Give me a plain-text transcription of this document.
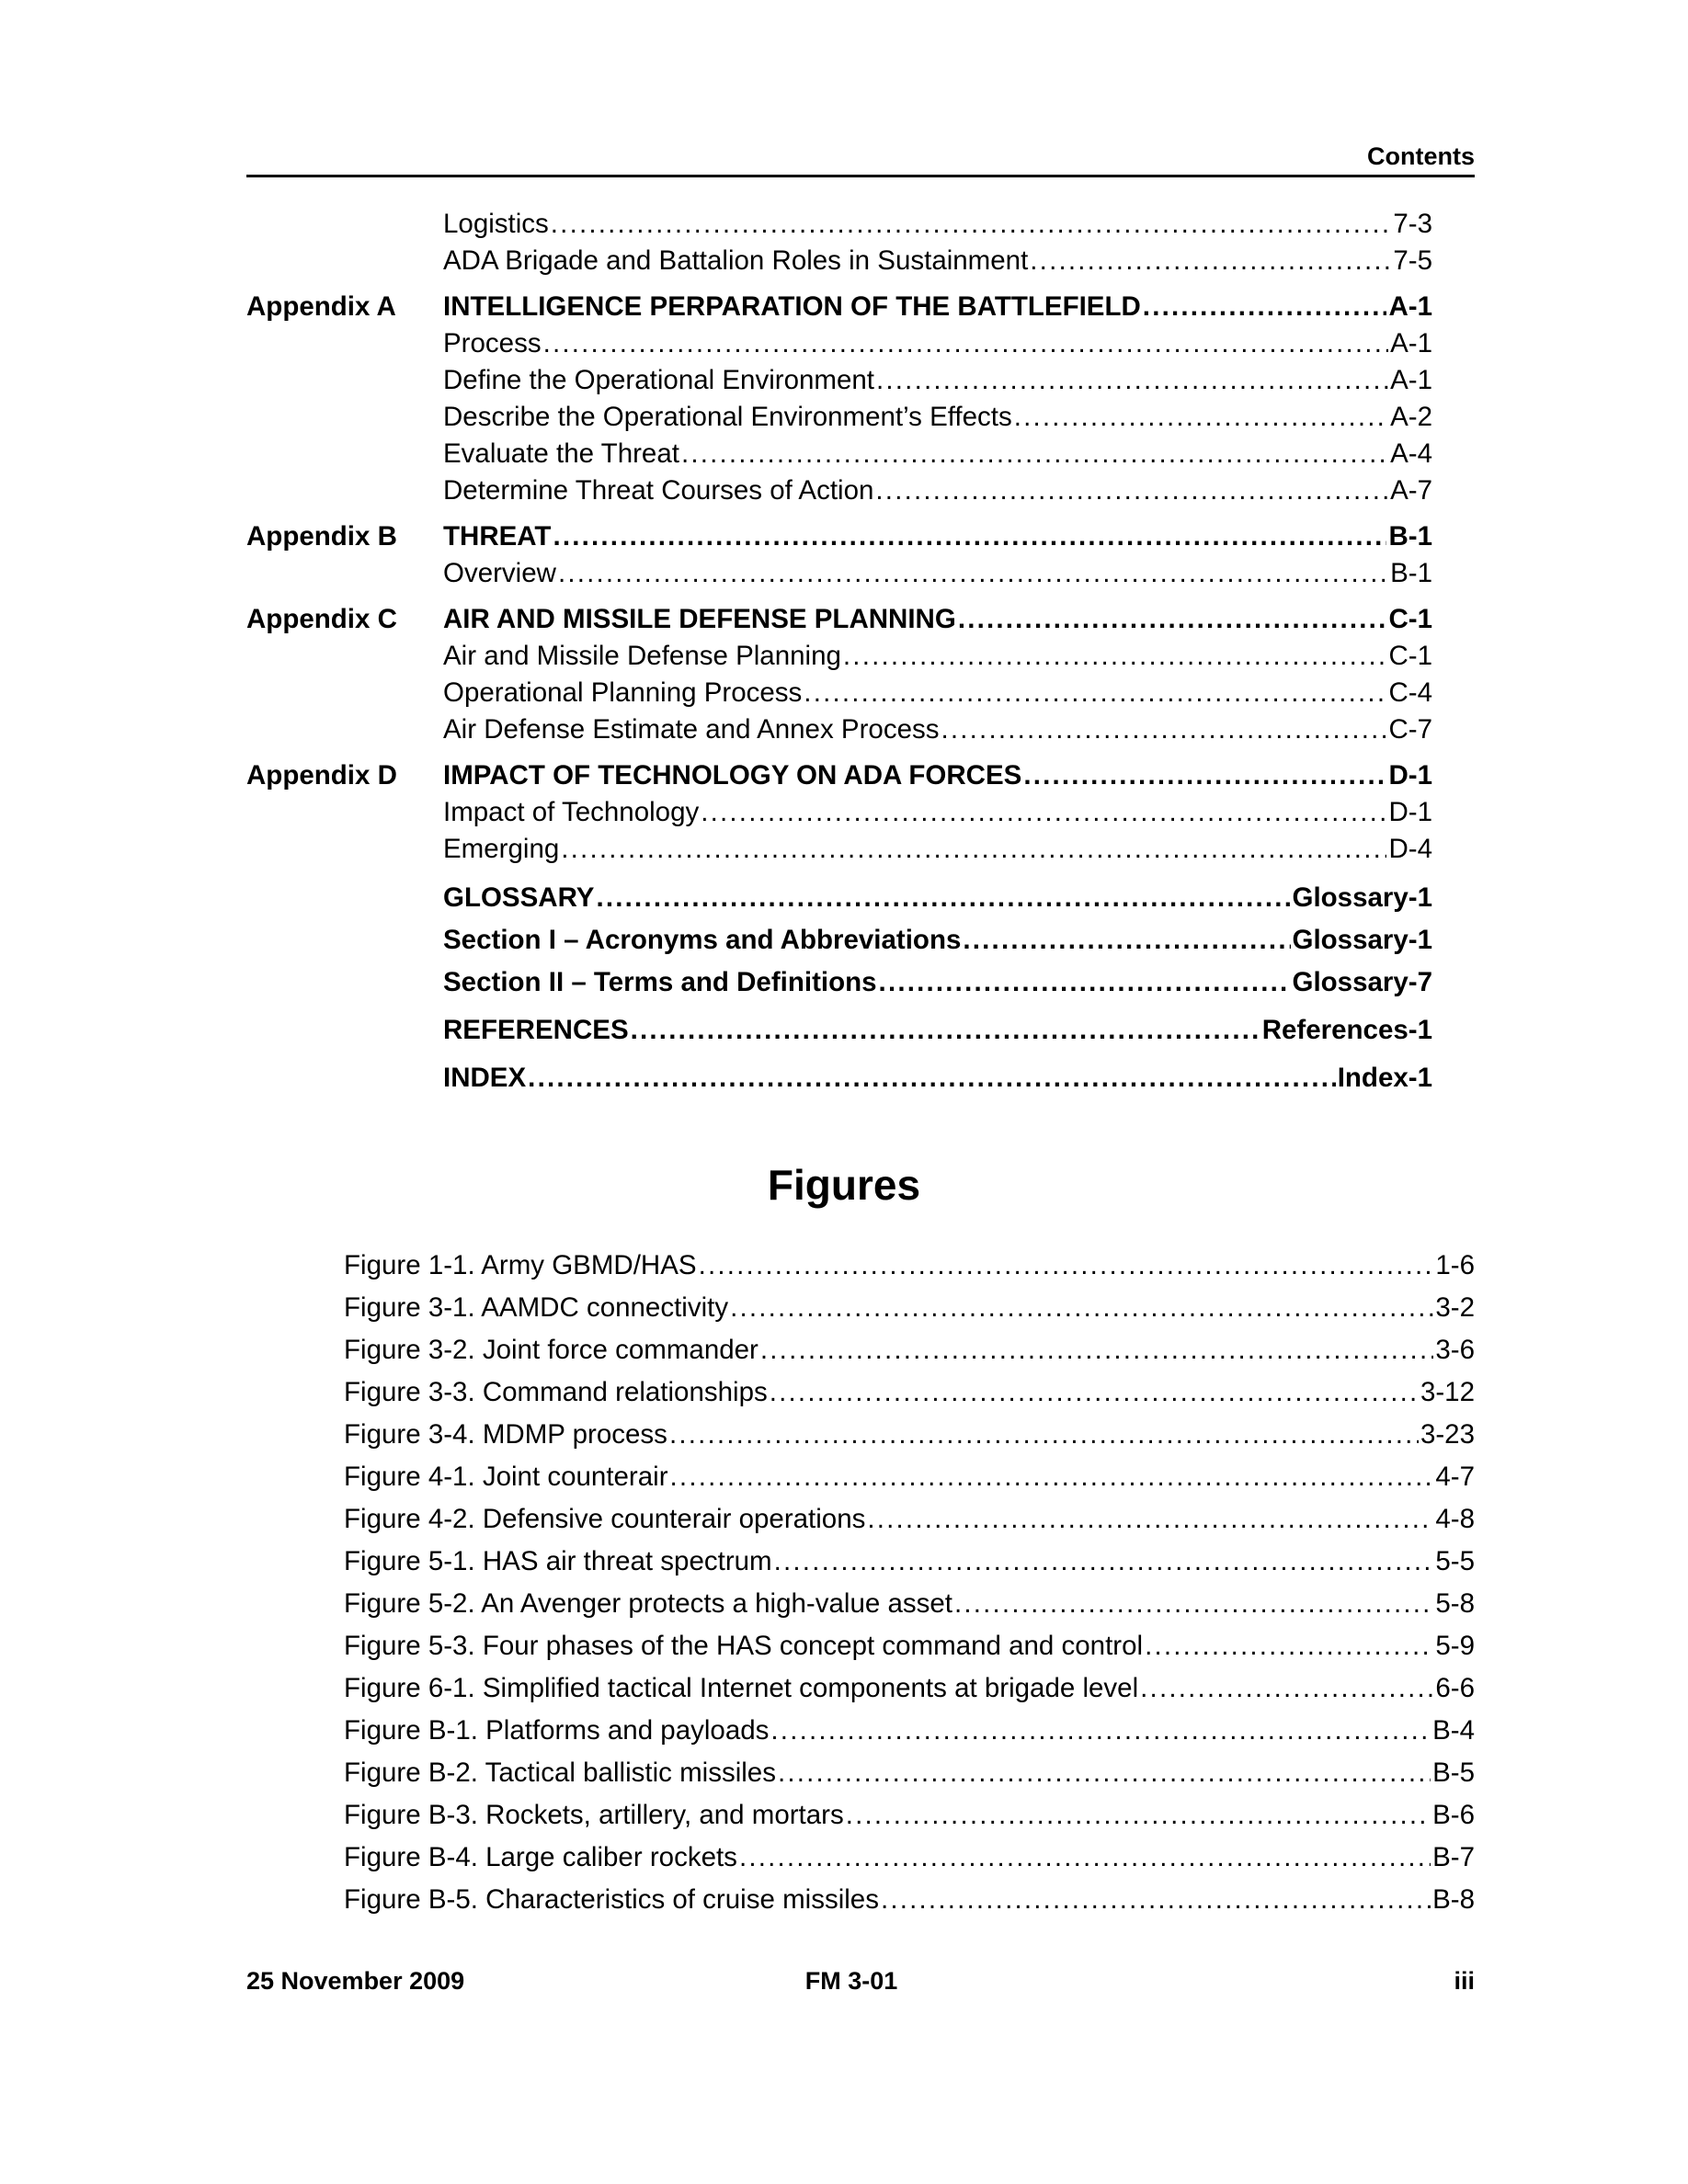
Contents
Logistics . . .	7-3
ADA Brigade and Battalion Roles in Sustainment . . .	7-5
Appendix A	INTELLIGENCE PERPARATION OF THE BATTLEFIELD . . .	A-1
Process . . .	A-1
Define the Operational Environment . . .	A-1
Describe the Operational Environment’s Effects . . .	A-2
Evaluate the Threat . . .	A-4
Determine Threat Courses of Action . . .	A-7
Appendix B	THREAT . . .	B-1
Overview . . .	B-1
Appendix C	AIR AND MISSILE DEFENSE PLANNING . . .	C-1
Air and Missile Defense Planning . . .	C-1
Operational Planning Process . . .	C-4
Air Defense Estimate and Annex Process . . .	C-7
Appendix D	IMPACT OF TECHNOLOGY ON ADA FORCES . . .	D-1
Impact of Technology . . .	D-1
Emerging . . .	D-4
GLOSSARY . . .	Glossary-1
Section I – Acronyms and Abbreviations . . .	Glossary-1
Section II – Terms and Definitions . . .	Glossary-7
REFERENCES . . .	References-1
INDEX . . .	Index-1
Figures
Figure 1-1. Army GBMD/HAS . . .	1-6
Figure 3-1. AAMDC connectivity . . .	3-2
Figure 3-2. Joint force commander . . .	3-6
Figure 3-3. Command relationships . . .	3-12
Figure 3-4. MDMP process . . .	3-23
Figure 4-1. Joint counterair . . .	4-7
Figure 4-2. Defensive counterair operations . . .	4-8
Figure 5-1. HAS air threat spectrum . . .	5-5
Figure 5-2. An Avenger protects a high-value asset . . .	5-8
Figure 5-3. Four phases of the HAS concept command and control . . .	5-9
Figure 6-1. Simplified tactical Internet components at brigade level . . .	6-6
Figure B-1. Platforms and payloads . . .	B-4
Figure B-2. Tactical ballistic missiles . . .	B-5
Figure B-3. Rockets, artillery, and mortars . . .	B-6
Figure B-4. Large caliber rockets . . .	B-7
Figure B-5. Characteristics of cruise missiles . . .	B-8
25 November 2009	FM 3-01	iii
